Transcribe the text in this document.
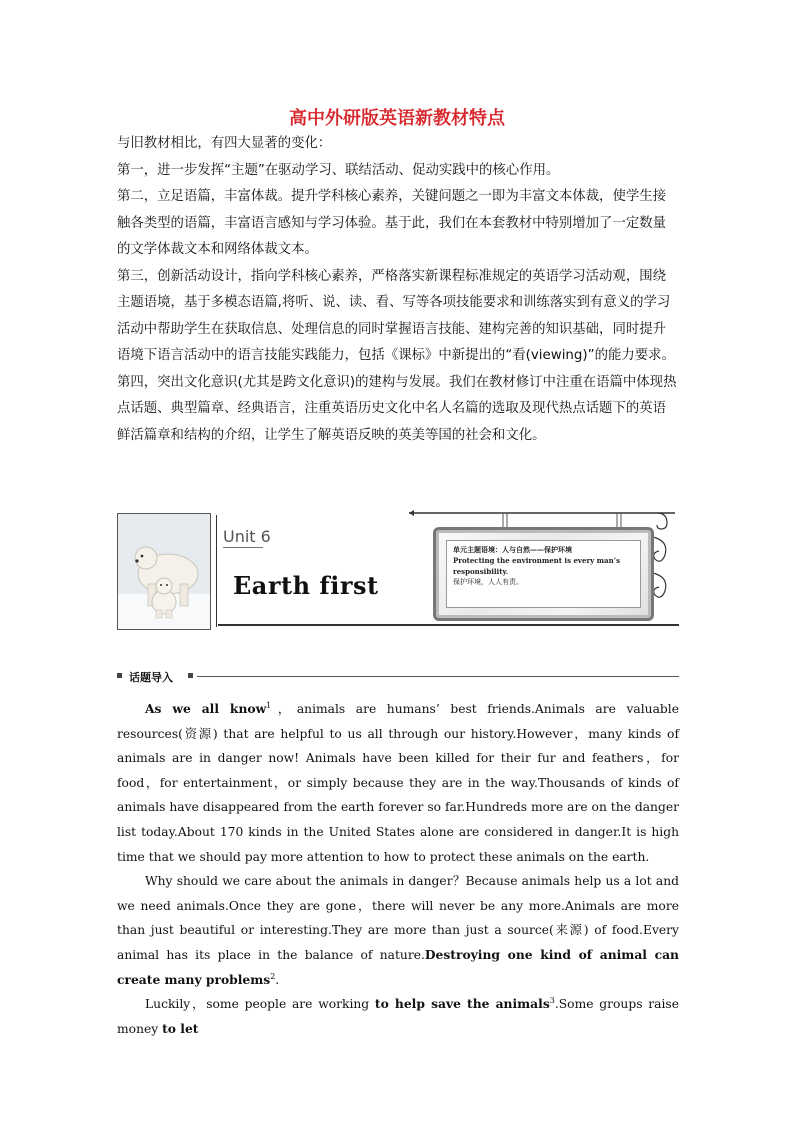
高中外研版英语新教材特点

与旧教材相比，有四大显著的变化：

第一，进一步发挥“主题”在驱动学习、联结活动、促动实践中的核心作用。

第二，立足语篇，丰富体裁。提升学科核心素养，关键问题之一即为丰富文本体裁，使学生接触各类型的语篇，丰富语言感知与学习体验。基于此，我们在本套教材中特别增加了一定数量的文学体裁文本和网络体裁文本。

第三，创新活动设计，指向学科核心素养，严格落实新课程标准规定的英语学习活动观，围绕主题语境，基于多模态语篇,将听、说、读、看、写等各项技能要求和训练落实到有意义的学习活动中帮助学生在获取信息、处理信息的同时掌握语言技能、建构完善的知识基础，同时提升语境下语言活动中的语言技能实践能力，包括《课标》中新提出的“看(viewing)”的能力要求。

第四，突出文化意识(尤其是跨文化意识)的建构与发展。我们在教材修订中注重在语篇中体现热点话题、典型篇章、经典语言，注重英语历史文化中名人名篇的选取及现代热点话题下的英语鲜活篇章和结构的介绍，让学生了解英语反映的英美等国的社会和文化。

Unit 6
Earth first
单元主题语境：人与自然——保护环境
Protecting the environment is every man’s responsibility.
保护环境，人人有责。
话题导入

As we all know$^1$，animals are humans’ best friends.Animals are valuable resources(资源) that are helpful to us all through our history.However，many kinds of animals are in danger now! Animals have been killed for their fur and feathers，for food，for entertainment，or simply because they are in the way.Thousands of kinds of animals have disappeared from the earth forever so far.Hundreds more are on the danger list today.About 170 kinds in the United States alone are considered in danger.It is high time that we should pay more attention to how to protect these animals on the earth.

Why should we care about the animals in danger？Because animals help us a lot and we need animals.Once they are gone，there will never be any more.Animals are more than just beautiful or interesting.They are more than just a source(来源) of food.Every animal has its place in the balance of nature.Destroying one kind of animal can create many problems$^2$.

Luckily，some people are working to help save the animals$^3$.Some groups raise money to let
